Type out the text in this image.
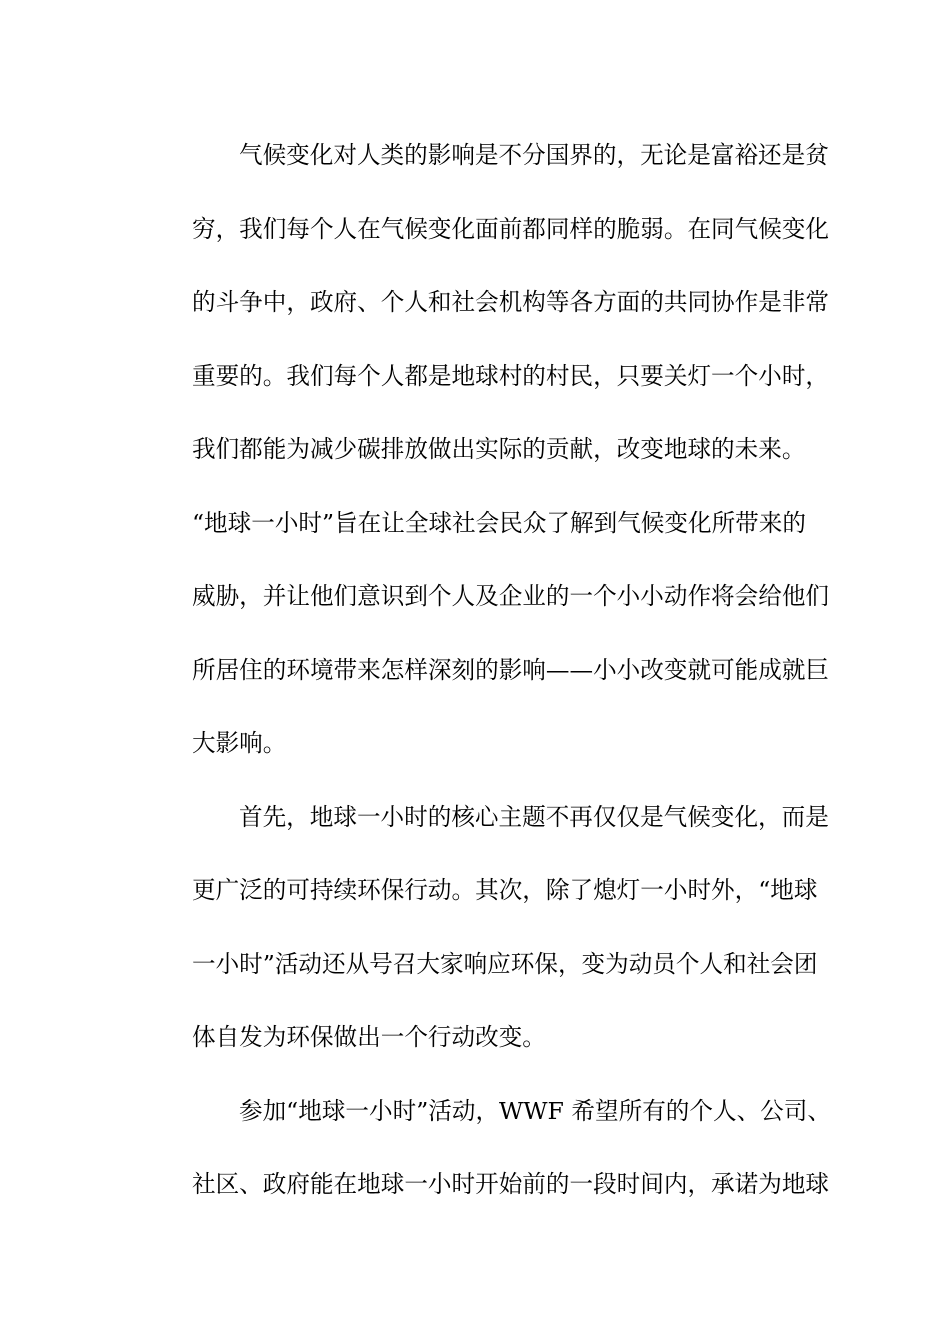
气候变化对人类的影响是不分国界的，无论是富裕还是贫
穷，我们每个人在气候变化面前都同样的脆弱。在同气候变化
的斗争中，政府、个人和社会机构等各方面的共同协作是非常
重要的。我们每个人都是地球村的村民，只要关灯一个小时，
我们都能为减少碳排放做出实际的贡献，改变地球的未来。
“地球一小时”旨在让全球社会民众了解到气候变化所带来的
威胁，并让他们意识到个人及企业的一个小小动作将会给他们
所居住的环境带来怎样深刻的影响——小小改变就可能成就巨
大影响。
首先，地球一小时的核心主题不再仅仅是气候变化，而是
更广泛的可持续环保行动。其次，除了熄灯一小时外，“地球
一小时”活动还从号召大家响应环保，变为动员个人和社会团
体自发为环保做出一个行动改变。
参加“地球一小时”活动，WWF 希望所有的个人、公司、
社区、政府能在地球一小时开始前的一段时间内，承诺为地球
